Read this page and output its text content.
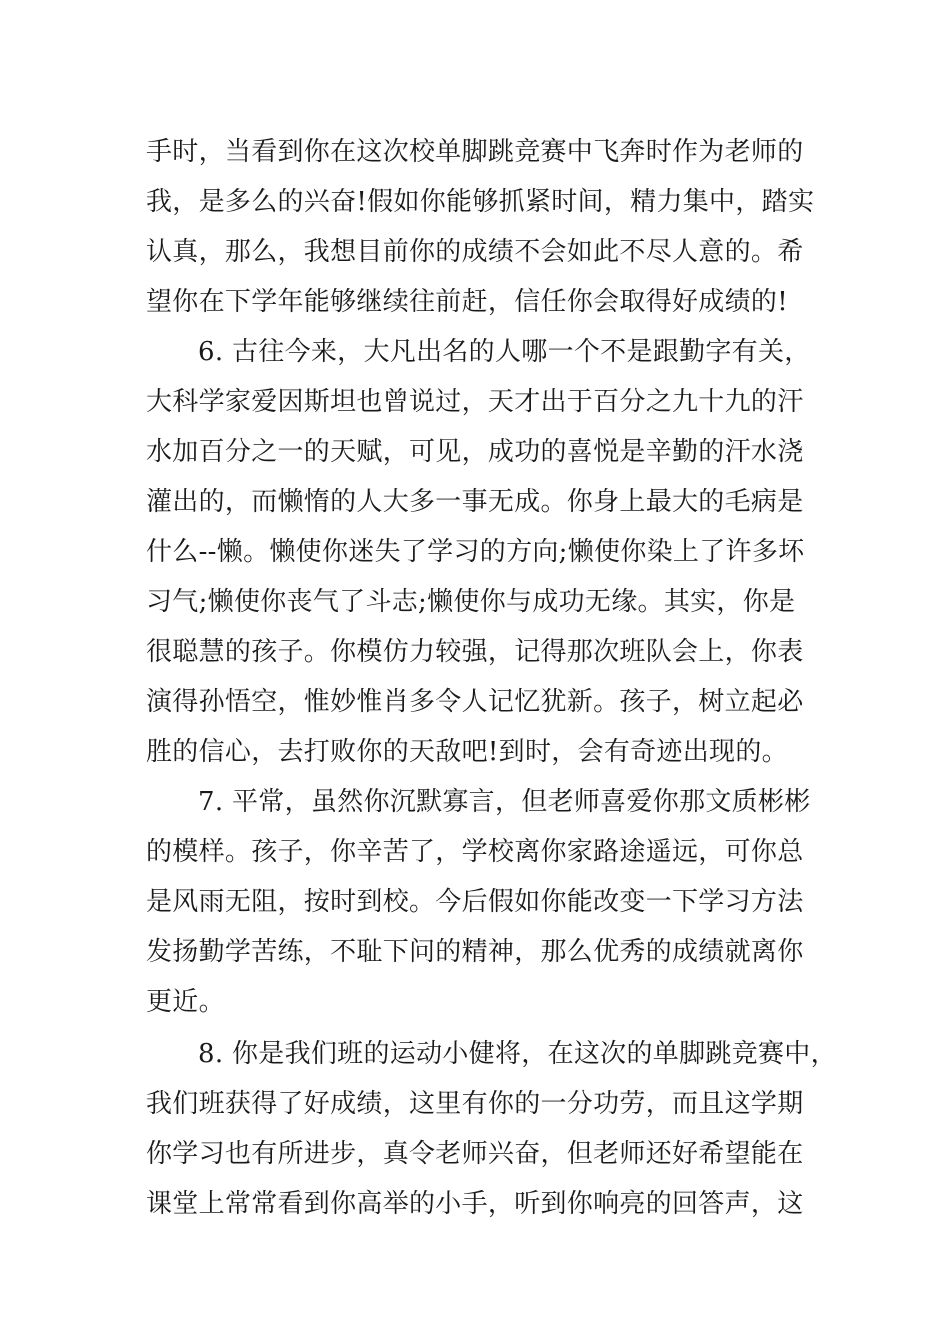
手时，当看到你在这次校单脚跳竞赛中飞奔时作为老师的
我，是多么的兴奋!假如你能够抓紧时间，精力集中，踏实
认真，那么，我想目前你的成绩不会如此不尽人意的。希
望你在下学年能够继续往前赶，信任你会取得好成绩的!
6. 古往今来，大凡出名的人哪一个不是跟勤字有关，
大科学家爱因斯坦也曾说过，天才出于百分之九十九的汗
水加百分之一的天赋，可见，成功的喜悦是辛勤的汗水浇
灌出的，而懒惰的人大多一事无成。你身上最大的毛病是
什么--懒。懒使你迷失了学习的方向;懒使你染上了许多坏
习气;懒使你丧气了斗志;懒使你与成功无缘。其实，你是
很聪慧的孩子。你模仿力较强，记得那次班队会上，你表
演得孙悟空，惟妙惟肖多令人记忆犹新。孩子，树立起必
胜的信心，去打败你的天敌吧!到时，会有奇迹出现的。
7. 平常，虽然你沉默寡言，但老师喜爱你那文质彬彬
的模样。孩子，你辛苦了，学校离你家路途遥远，可你总
是风雨无阻，按时到校。今后假如你能改变一下学习方法
发扬勤学苦练，不耻下问的精神，那么优秀的成绩就离你
更近。
8. 你是我们班的运动小健将，在这次的单脚跳竞赛中，
我们班获得了好成绩，这里有你的一分功劳，而且这学期
你学习也有所进步，真令老师兴奋，但老师还好希望能在
课堂上常常看到你高举的小手，听到你响亮的回答声，这
